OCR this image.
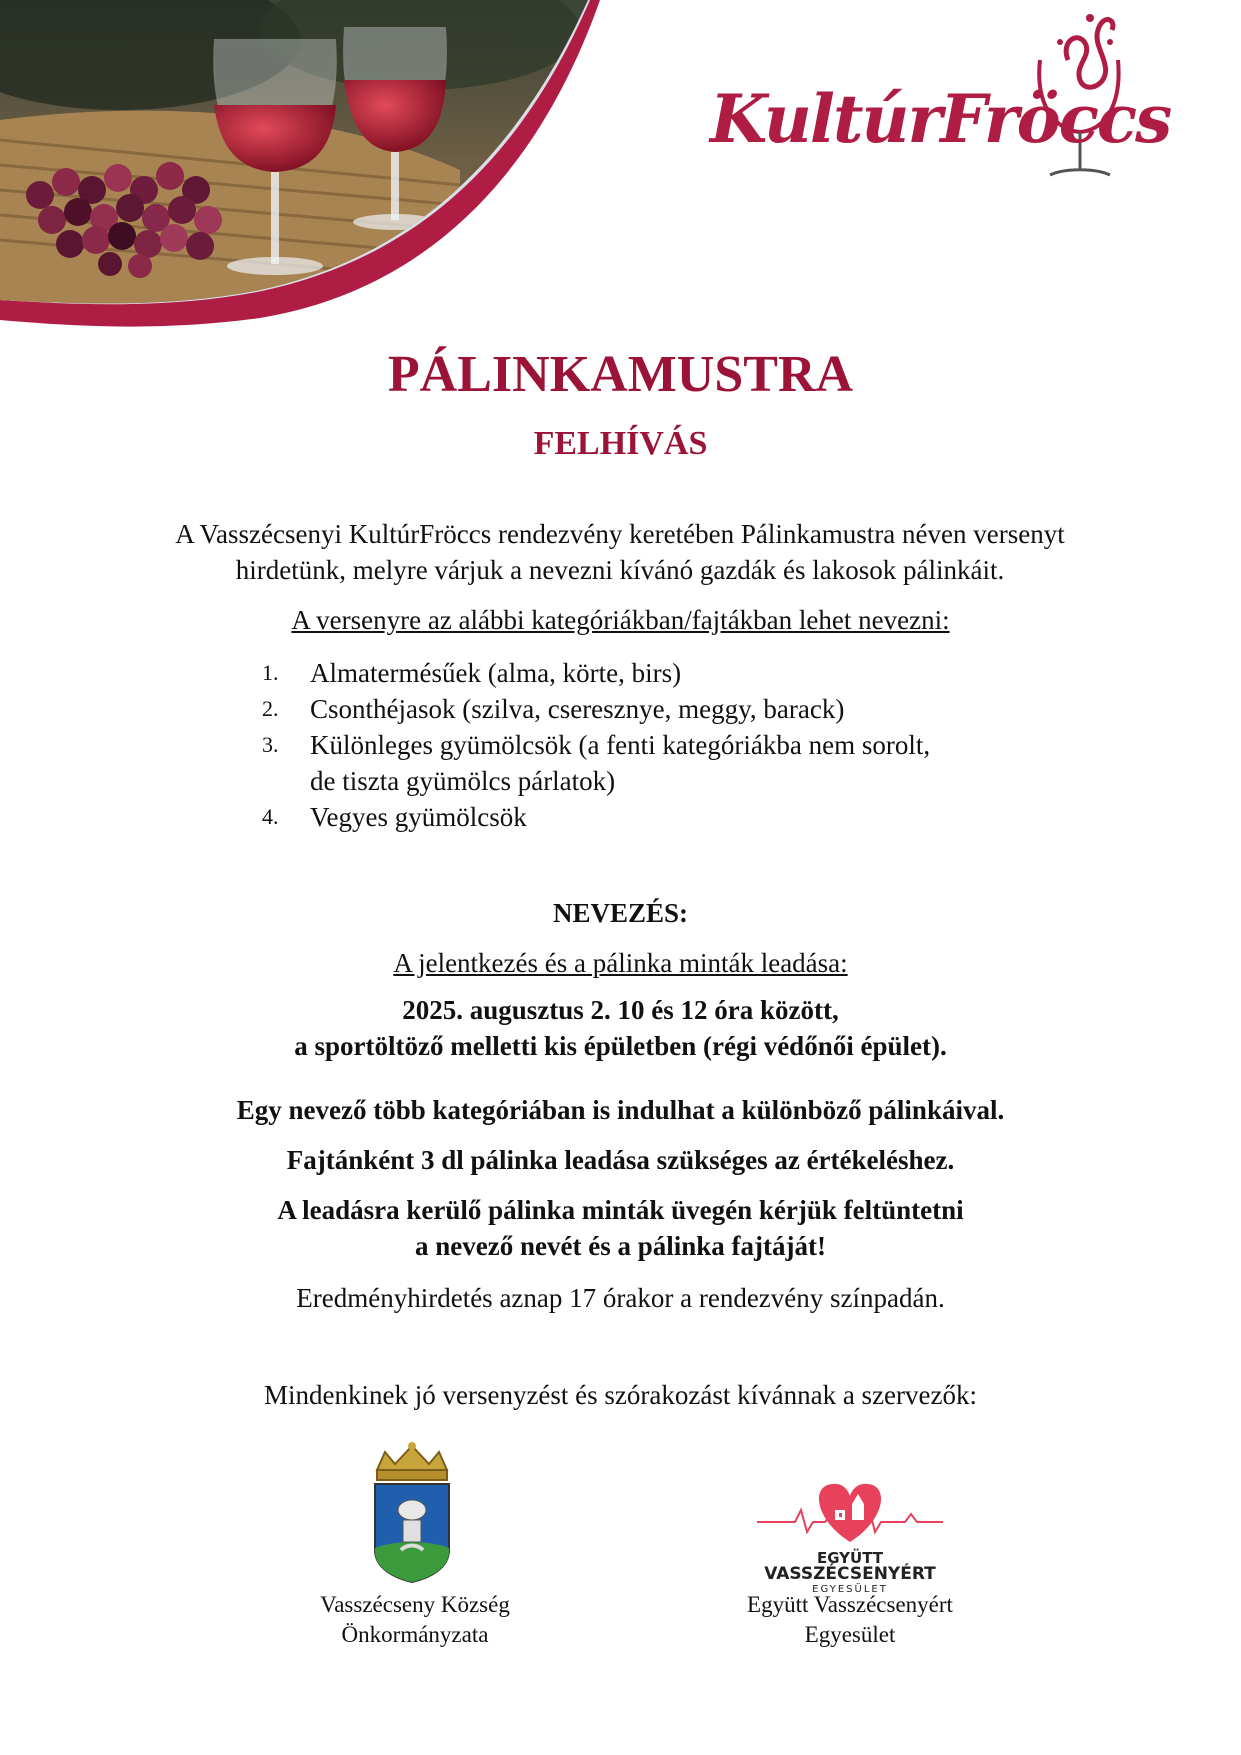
KultúrFröccs
PÁLINKAMUSTRA
FELHÍVÁS

A Vasszécsenyi KultúrFröccs rendezvény keretében Pálinkamustra néven versenyt

hirdetünk, melyre várjuk a nevezni kívánó gazdák és lakosok pálinkáit.

A versenyre az alábbi kategóriákban/fajtákban lehet nevezni:
1.	Almatermésűek (alma, körte, birs)
2.	Csonthéjasok (szilva, cseresznye, meggy, barack)
3.	Különleges gyümölcsök (a fenti kategóriákba nem sorolt,
de tiszta gyümölcs párlatok)
4.	Vegyes gyümölcsök
NEVEZÉS:
A jelentkezés és a pálinka minták leadása:
2025. augusztus 2. 10 és 12 óra között,
a sportöltöző melletti kis épületben (régi védőnői épület).
Egy nevező több kategóriában is indulhat a különböző pálinkáival.
Fajtánként 3 dl pálinka leadása szükséges az értékeléshez.
A leadásra kerülő pálinka minták üvegén kérjük feltüntetni
a nevező nevét és a pálinka fajtáját!
Eredményhirdetés aznap 17 órakor a rendezvény színpadán.
Mindenkinek jó versenyzést és szórakozást kívánnak a szervezők:

Vasszécseny Község

Önkormányzata

EGYÜTT
VASSZÉCSENYÉRT
EGYESÜLET

Együtt Vasszécsenyért

Egyesület
